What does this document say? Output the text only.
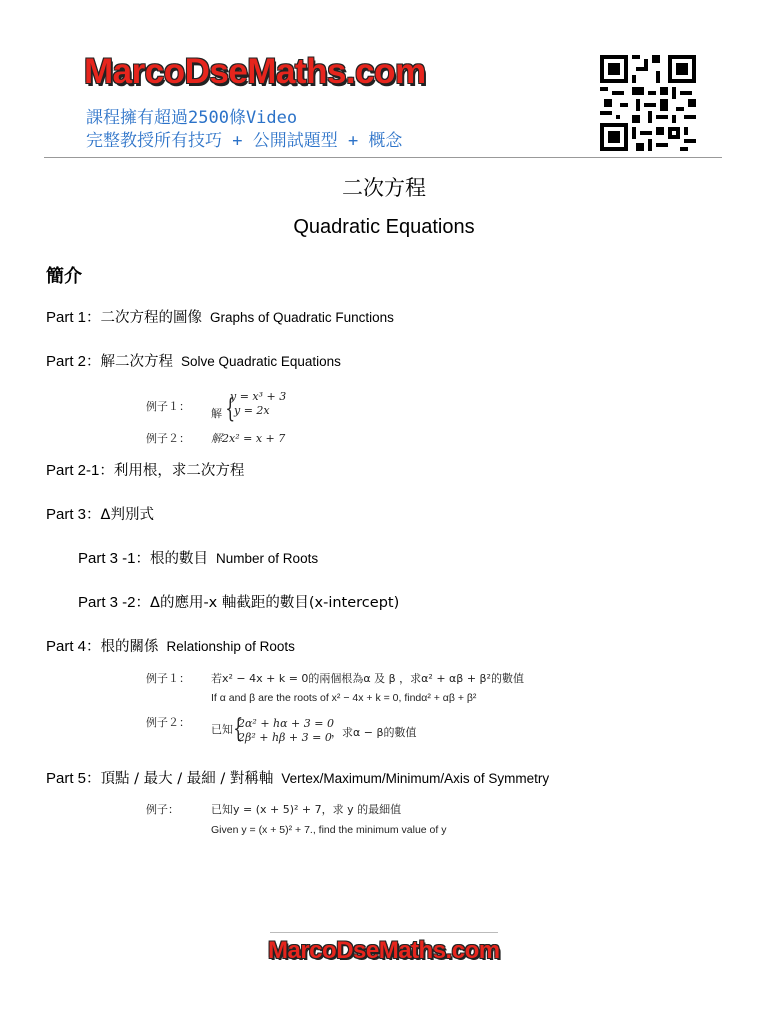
MarcoDseMaths.com
課程擁有超過2500條Video
完整教授所有技巧 + 公開試題型 + 概念
二次方程
Quadratic Equations
簡介
Part 1：二次方程的圖像 Graphs of Quadratic Functions
Part 2：解二次方程 Solve Quadratic Equations
例子１：
解 {
y = x³ + 3
y = 2x
例子２： 解2x² = x + 7
Part 2-1：利用根，求二次方程
Part 3：Δ判別式
Part 3 -1：根的數目 Number of Roots
Part 3 -2：Δ的應用-x 軸截距的數目(x-intercept)
Part 4：根的關係 Relationship of Roots
例子１： 若x² − 4x + k = 0的兩個根為α 及 β ，求α² + αβ + β²的數值
If α and β are the roots of x² − 4x + k = 0, findα² + αβ + β²
例子２：
已知 {
2α² + hα + 3 = 0
2β² + hβ + 3 = 0 ，求α − β的數值
Part 5：頂點 / 最大 / 最細 / 對稱軸 Vertex/Maximum/Minimum/Axis of Symmetry
例子：	已知y = (x + 5)² + 7，求 y 的最細值
Given y = (x + 5)² + 7., find the minimum value of y
MarcoDseMaths.com
